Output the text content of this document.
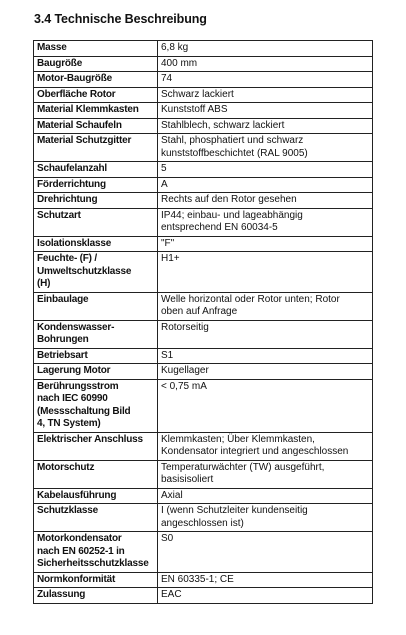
3.4 Technische Beschreibung
Masse	6,8 kg

Baugröße	400 mm

Motor-Baugröße	74

Oberfläche Rotor	Schwarz lackiert

Material Klemmkasten	Kunststoff ABS

Material Schaufeln	Stahlblech, schwarz lackiert

Material Schutzgitter	Stahl, phosphatiert und schwarz
kunststoffbeschichtet (RAL 9005)

Schaufelanzahl	5

Förderrichtung	A

Drehrichtung	Rechts auf den Rotor gesehen

Schutzart	IP44; einbau- und lageabhängig
entsprechend EN 60034-5

Isolationsklasse	"F"

Feuchte- (F) /
Umweltschutzklasse
(H)	H1+

Einbaulage	Welle horizontal oder Rotor unten; Rotor
oben auf Anfrage

Kondenswasser-
Bohrungen	Rotorseitig

Betriebsart	S1

Lagerung Motor	Kugellager

Berührungsstrom
nach IEC 60990
(Messschaltung Bild
4, TN System)	< 0,75 mA

Elektrischer Anschluss	Klemmkasten; Über Klemmkasten,
Kondensator integriert und angeschlossen

Motorschutz	Temperaturwächter (TW) ausgeführt,
basisisoliert

Kabelausführung	Axial

Schutzklasse	I (wenn Schutzleiter kundenseitig
angeschlossen ist)

Motorkondensator
nach EN 60252-1 in
Sicherheitsschutzklasse	S0

Normkonformität	EN 60335-1; CE

Zulassung	EAC
